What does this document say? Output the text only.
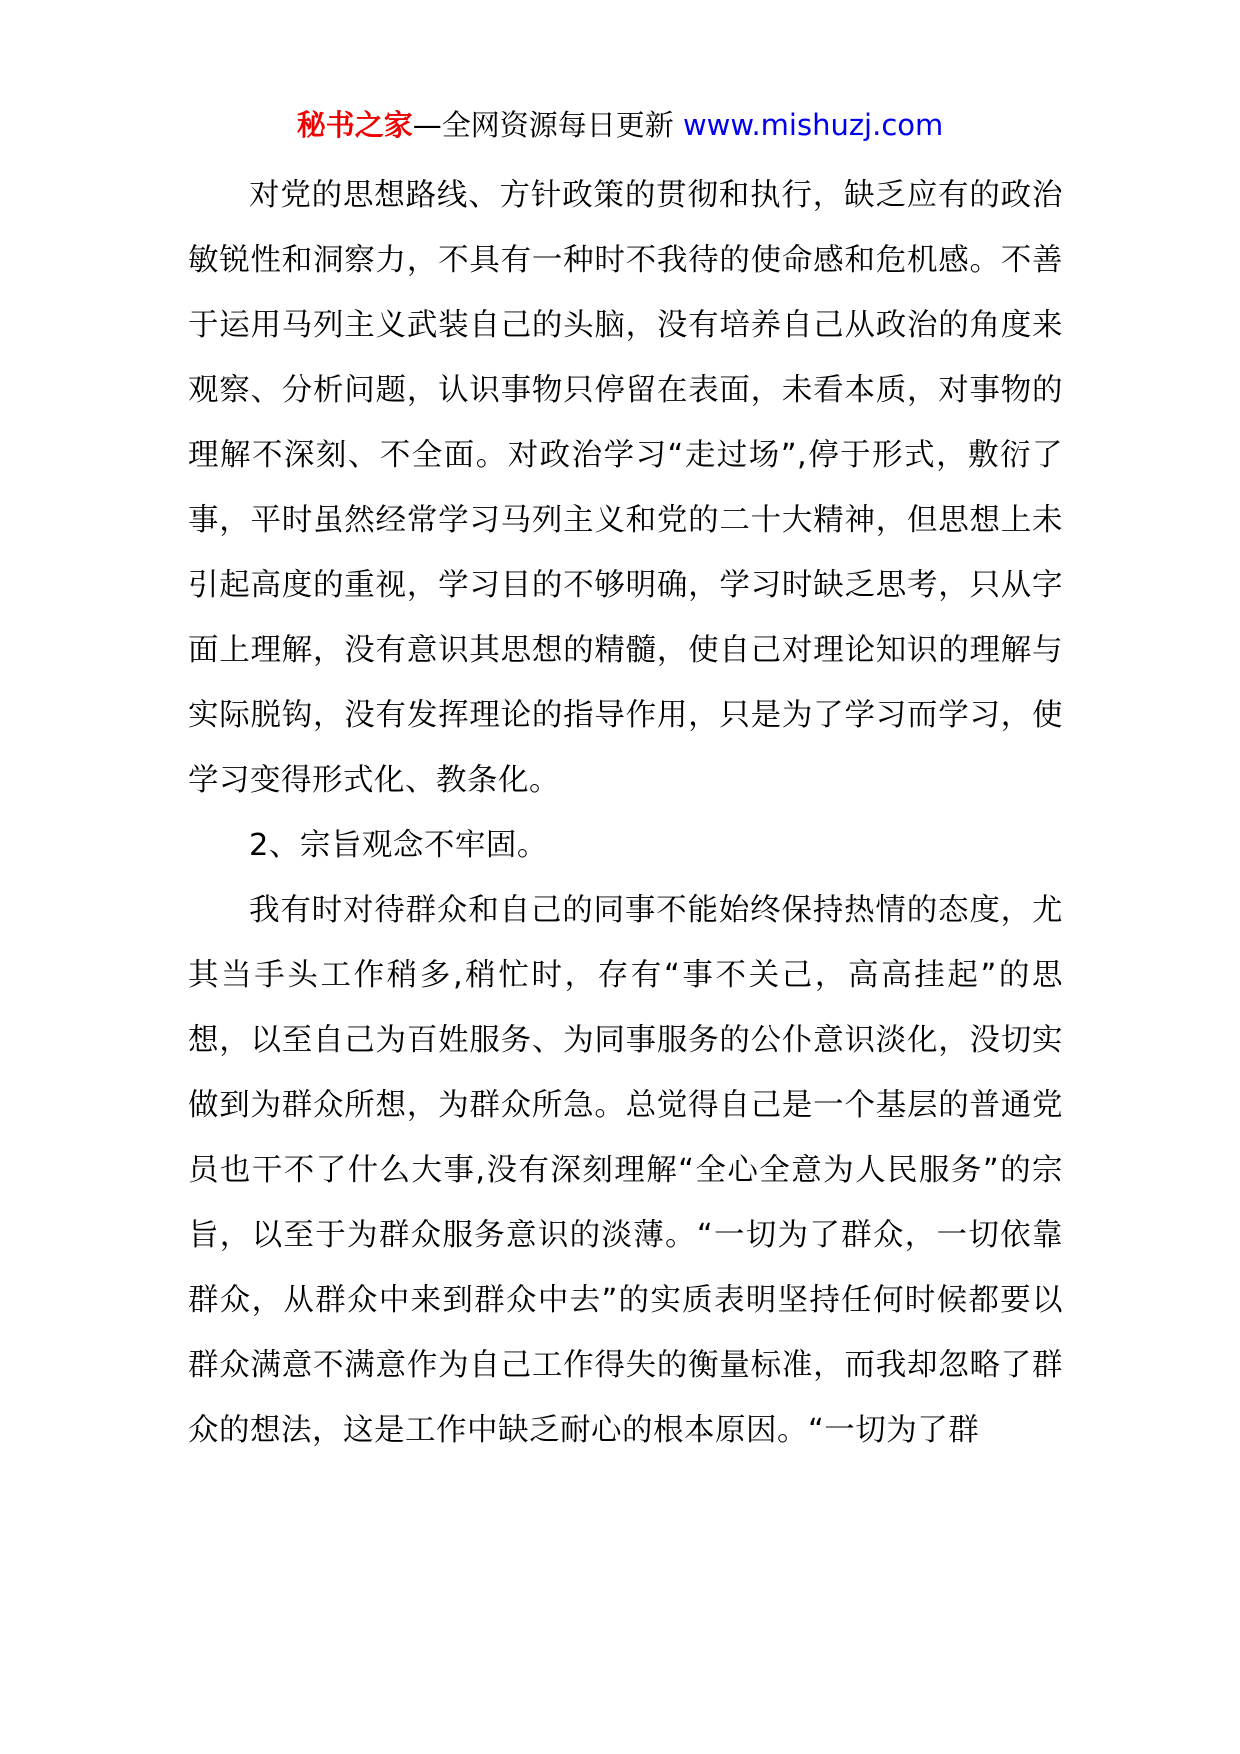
秘书之家—全网资源每日更新 www.mishuzj.com

对党的思想路线、方针政策的贯彻和执行，缺乏应有的政治敏锐性和洞察力，不具有一种时不我待的使命感和危机感。不善于运用马列主义武装自己的头脑，没有培养自己从政治的角度来观察、分析问题，认识事物只停留在表面，未看本质，对事物的理解不深刻、不全面。对政治学习“走过场”,停于形式，敷衍了事，平时虽然经常学习马列主义和党的二十大精神，但思想上未引起高度的重视，学习目的不够明确，学习时缺乏思考，只从字面上理解，没有意识其思想的精髓，使自己对理论知识的理解与实际脱钩，没有发挥理论的指导作用，只是为了学习而学习，使学习变得形式化、教条化。

2、宗旨观念不牢固。

我有时对待群众和自己的同事不能始终保持热情的态度，尤其当手头工作稍多,稍忙时，存有“事不关己，高高挂起”的思想，以至自己为百姓服务、为同事服务的公仆意识淡化，没切实做到为群众所想，为群众所急。总觉得自己是一个基层的普通党员也干不了什么大事,没有深刻理解“全心全意为人民服务”的宗旨，以至于为群众服务意识的淡薄。“一切为了群众，一切依靠群众，从群众中来到群众中去”的实质表明坚持任何时候都要以群众满意不满意作为自己工作得失的衡量标准，而我却忽略了群众的想法，这是工作中缺乏耐心的根本原因。“一切为了群
